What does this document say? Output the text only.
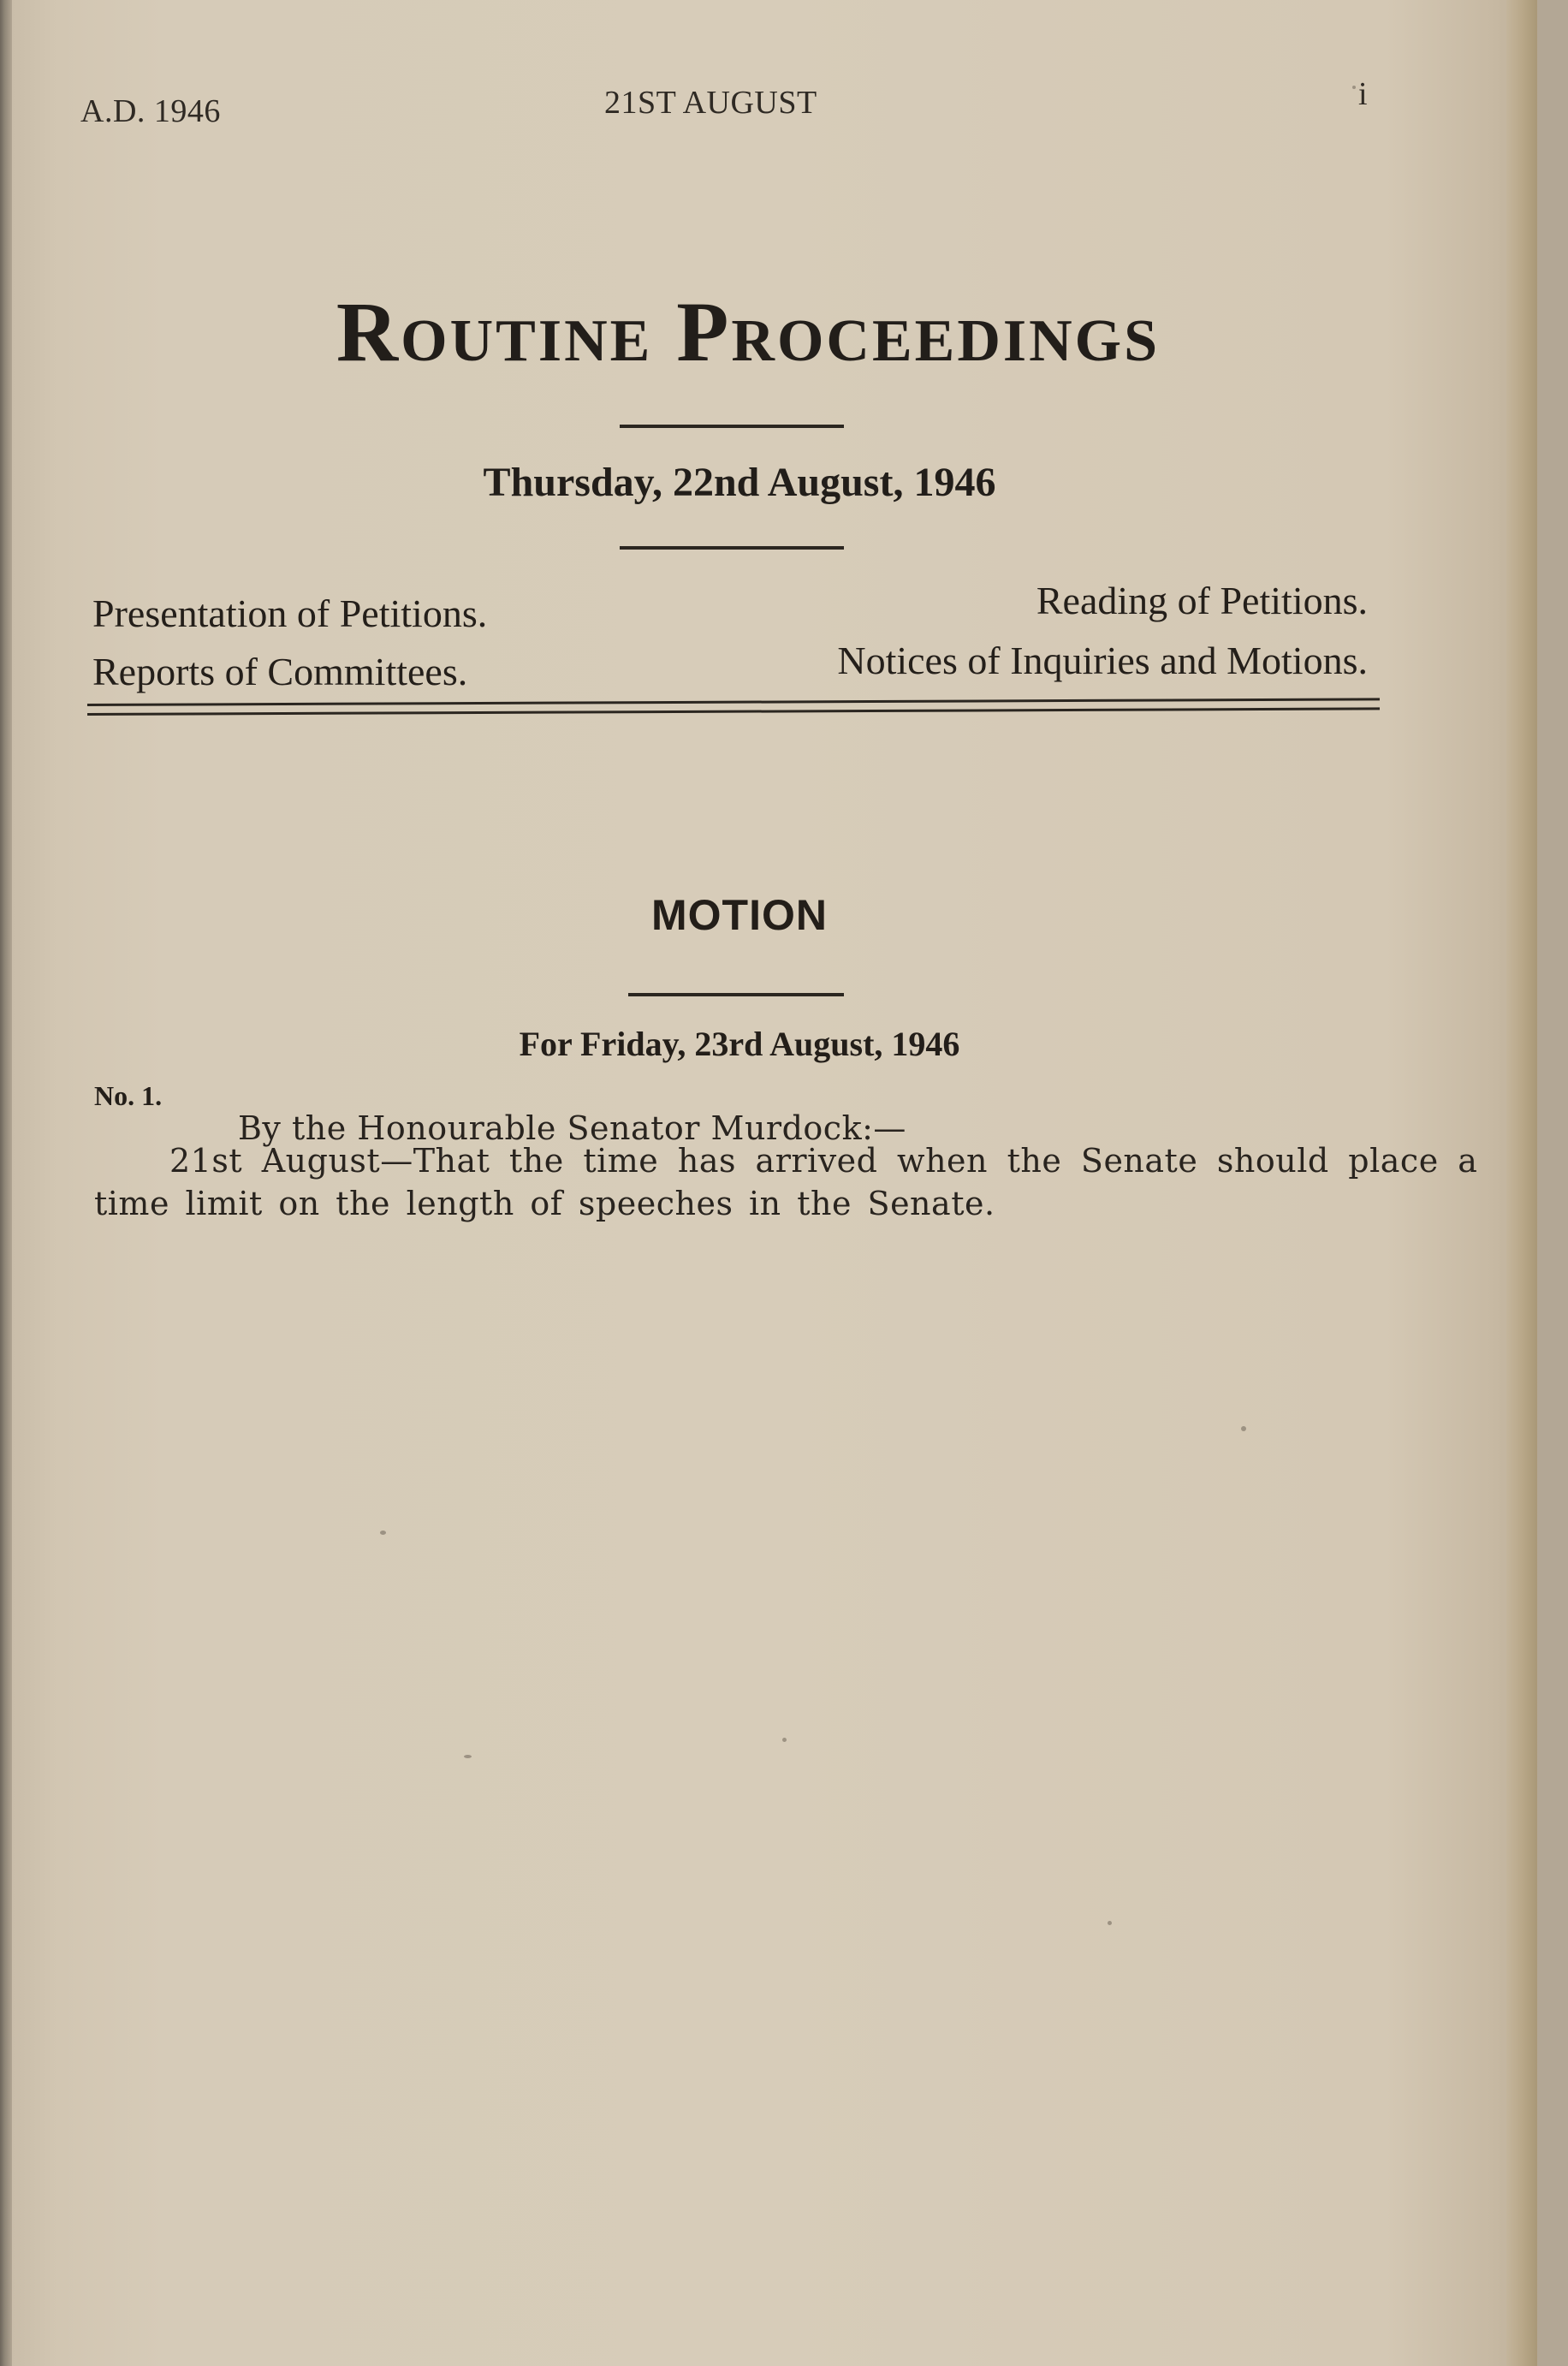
A.D. 1946	21ST AUGUST	i
Routine Proceedings
Thursday, 22nd August, 1946
Presentation of Petitions.	Reading of Petitions.
Reports of Committees.	Notices of Inquiries and Motions.
MOTION
For Friday, 23rd August, 1946
No. 1.
By the Honourable Senator Murdock:—
21st August—That the time has arrived when the Senate should place a
time limit on the length of speeches in the Senate.
